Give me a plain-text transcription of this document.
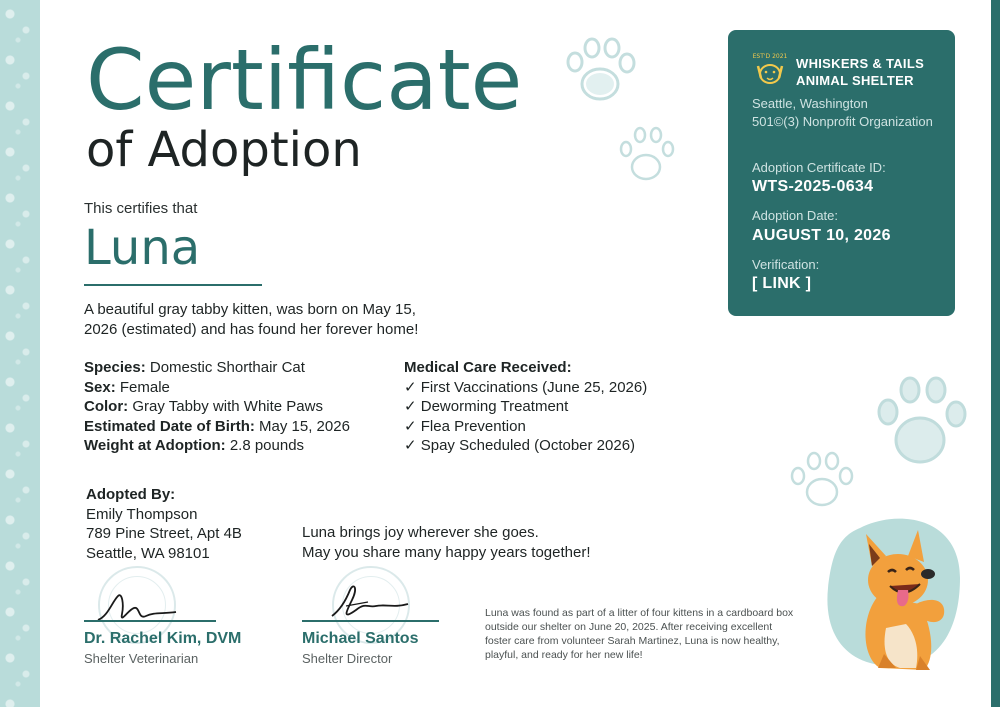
Certificate
of Adoption
This certifies that
Luna
A beautiful gray tabby kitten, was born on May 15, 2026 (estimated) and has found her forever home!
Species: Domestic Shorthair Cat
Sex: Female
Color: Gray Tabby with White Paws
Estimated Date of Birth: May 15, 2026
Weight at Adoption: 2.8 pounds
Medical Care Received:
✓ First Vaccinations (June 25, 2026)
✓ Deworming Treatment
✓ Flea Prevention
✓ Spay Scheduled (October 2026)
Adopted By:
Emily Thompson
789 Pine Street, Apt 4B
Seattle, WA 98101
Luna brings joy wherever she goes.
May you share many happy years together!
Dr. Rachel Kim, DVM
Shelter Veterinarian
Michael Santos
Shelter Director
Luna was found as part of a litter of four kittens in a cardboard box outside our shelter on June 20, 2025. After receiving excellent foster care from volunteer Sarah Martinez, Luna is now healthy, playful, and ready for her new life!
EST'D 2021 WHISKERS & TAILS
ANIMAL SHELTER
Seattle, Washington
501©(3) Nonprofit Organization
Adoption Certificate ID:
WTS-2025-0634
Adoption Date:
AUGUST 10, 2026
Verification:
[ LINK ]
